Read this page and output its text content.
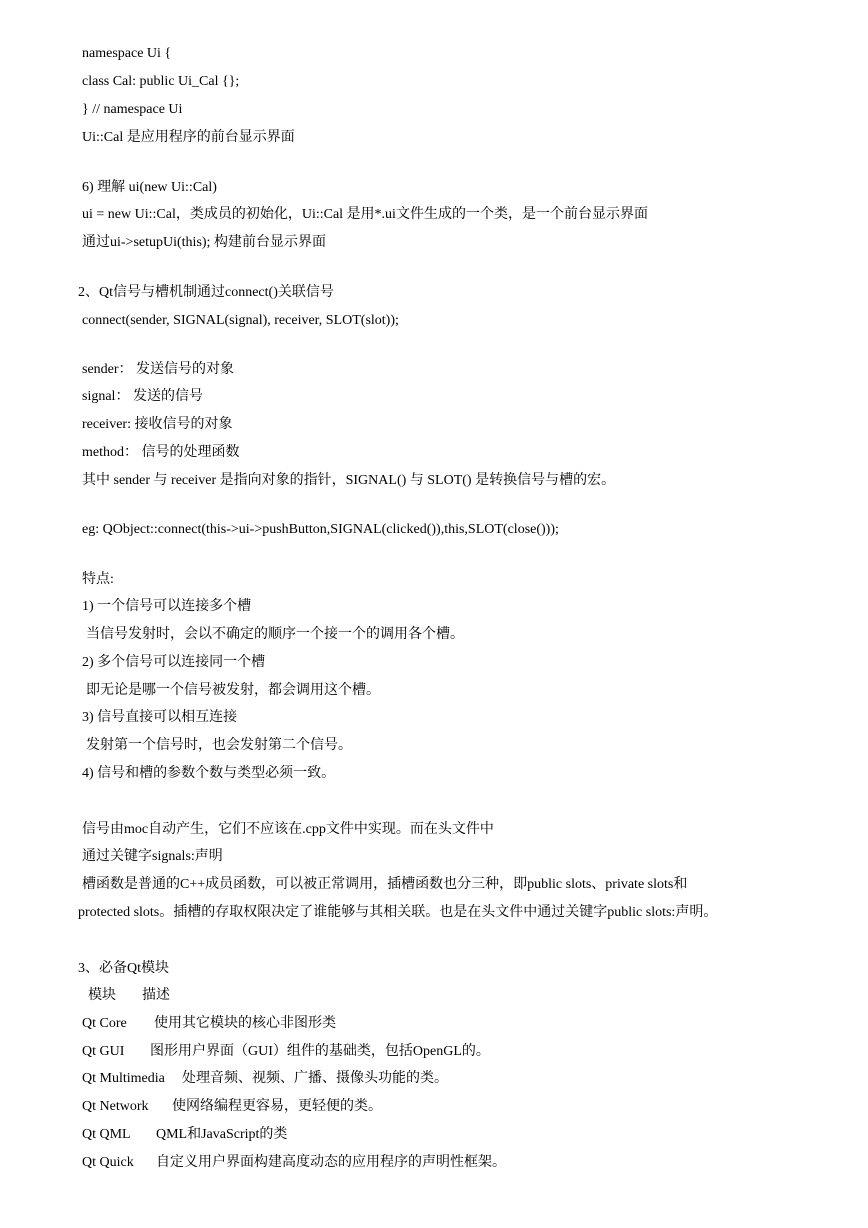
namespace Ui {
class Cal: public Ui_Cal {};
} // namespace Ui
Ui::Cal 是应用程序的前台显示界面
6) 理解 ui(new Ui::Cal)
ui = new Ui::Cal，类成员的初始化，Ui::Cal 是用*.ui文件生成的一个类，是一个前台显示界面
通过ui->setupUi(this); 构建前台显示界面
2、Qt信号与槽机制通过connect()关联信号
connect(sender, SIGNAL(signal), receiver, SLOT(slot));
sender： 发送信号的对象
signal： 发送的信号
receiver: 接收信号的对象
method： 信号的处理函数
其中 sender 与 receiver 是指向对象的指针，SIGNAL() 与 SLOT() 是转换信号与槽的宏。
eg: QObject::connect(this->ui->pushButton,SIGNAL(clicked()),this,SLOT(close()));
特点:
1) 一个信号可以连接多个槽
当信号发射时，会以不确定的顺序一个接一个的调用各个槽。
2) 多个信号可以连接同一个槽
即无论是哪一个信号被发射，都会调用这个槽。
3) 信号直接可以相互连接
发射第一个信号时，也会发射第二个信号。
4) 信号和槽的参数个数与类型必须一致。
信号由moc自动产生，它们不应该在.cpp文件中实现。而在头文件中
通过关键字signals:声明
槽函数是普通的C++成员函数，可以被正常调用，插槽函数也分三种，即public slots、private slots和
protected slots。插槽的存取权限决定了谁能够与其相关联。也是在头文件中通过关键字public slots:声明。
3、必备Qt模块
模块 描述
Qt Core 使用其它模块的核心非图形类
Qt GUI 图形用户界面（GUI）组件的基础类，包括OpenGL的。
Qt Multimedia 处理音频、视频、广播、摄像头功能的类。
Qt Network 使网络编程更容易，更轻便的类。
Qt QML QML和JavaScript的类
Qt Quick 自定义用户界面构建高度动态的应用程序的声明性框架。
